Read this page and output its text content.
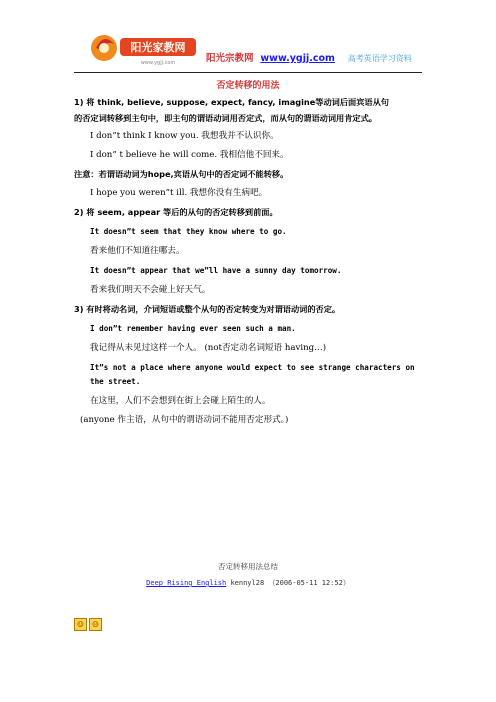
阳光家教网
www.ygjj.com	阳光宗教网 www.ygjj.com 高考英语学习资料
否定转移的用法

1) 将 think, believe, suppose, expect, fancy, imagine等动词后面宾语从句

的否定词转移到主句中，即主句的谓语动词用否定式，而从句的谓语动词用肯定式。

I don”t think I know you. 我想我并不认识你。

I don” t believe he will come. 我相信他不回来。

注意：若谓语动词为hope,宾语从句中的否定词不能转移。

I hope you weren”t ill. 我想你没有生病吧。

2) 将 seem, appear 等后的从句的否定转移到前面。

It doesn”t seem that they know where to go.

看来他们不知道往哪去。

It doesn”t appear that we”ll have a sunny day tomorrow.

看来我们明天不会碰上好天气。

3) 有时将动名词，介词短语或整个从句的否定转变为对谓语动词的否定。

I don”t remember having ever seen such a man.

我记得从未见过这样一个人。 (not否定动名词短语 having…)

It”s not a place where anyone would expect to see strange characters on the street.

在这里，人们不会想到在街上会碰上陌生的人。

(anyone 作主语，从句中的谓语动词不能用否定形式。)

否定转移用法总结
Deep Rising English kennyl28 （2006-05-11 12:52）
☺ ☹
